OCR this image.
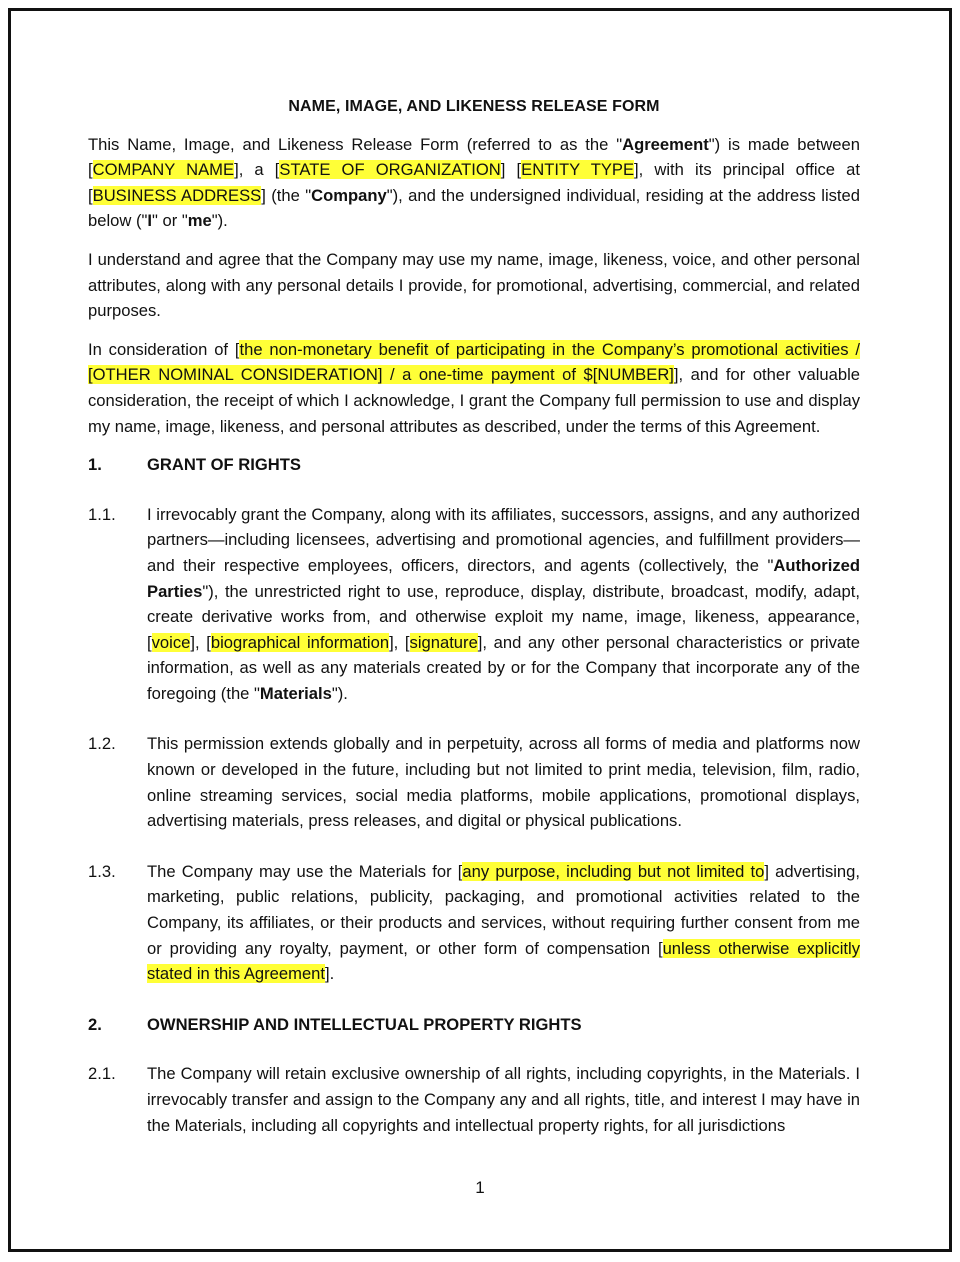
NAME, IMAGE, AND LIKENESS RELEASE FORM

This Name, Image, and Likeness Release Form (referred to as the "Agreement") is made between [COMPANY NAME], a [STATE OF ORGANIZATION] [ENTITY TYPE], with its principal office at [BUSINESS ADDRESS] (the "Company"), and the undersigned individual, residing at the address listed below ("I" or "me").

I understand and agree that the Company may use my name, image, likeness, voice, and other personal attributes, along with any personal details I provide, for promotional, advertising, commercial, and related purposes.

In consideration of [the non-monetary benefit of participating in the Company’s promotional activities / [OTHER NOMINAL CONSIDERATION] / a one-time payment of $[NUMBER]], and for other valuable consideration, the receipt of which I acknowledge, I grant the Company full permission to use and display my name, image, likeness, and personal attributes as described, under the terms of this Agreement.

1.	GRANT OF RIGHTS
1.1.	I irrevocably grant the Company, along with its affiliates, successors, assigns, and any authorized partners—including licensees, advertising and promotional agencies, and fulfillment providers—and their respective employees, officers, directors, and agents (collectively, the "Authorized Parties"), the unrestricted right to use, reproduce, display, distribute, broadcast, modify, adapt, create derivative works from, and otherwise exploit my name, image, likeness, appearance, [voice], [biographical information], [signature], and any other personal characteristics or private information, as well as any materials created by or for the Company that incorporate any of the foregoing (the "Materials").

1.2.	This permission extends globally and in perpetuity, across all forms of media and platforms now known or developed in the future, including but not limited to print media, television, film, radio, online streaming services, social media platforms, mobile applications, promotional displays, advertising materials, press releases, and digital or physical publications.

1.3.	The Company may use the Materials for [any purpose, including but not limited to] advertising, marketing, public relations, publicity, packaging, and promotional activities related to the Company, its affiliates, or their products and services, without requiring further consent from me or providing any royalty, payment, or other form of compensation [unless otherwise explicitly stated in this Agreement].

2.	OWNERSHIP AND INTELLECTUAL PROPERTY RIGHTS
2.1.	The Company will retain exclusive ownership of all rights, including copyrights, in the Materials. I irrevocably transfer and assign to the Company any and all rights, title, and interest I may have in the Materials, including all copyrights and intellectual property rights, for all jurisdictions

1
